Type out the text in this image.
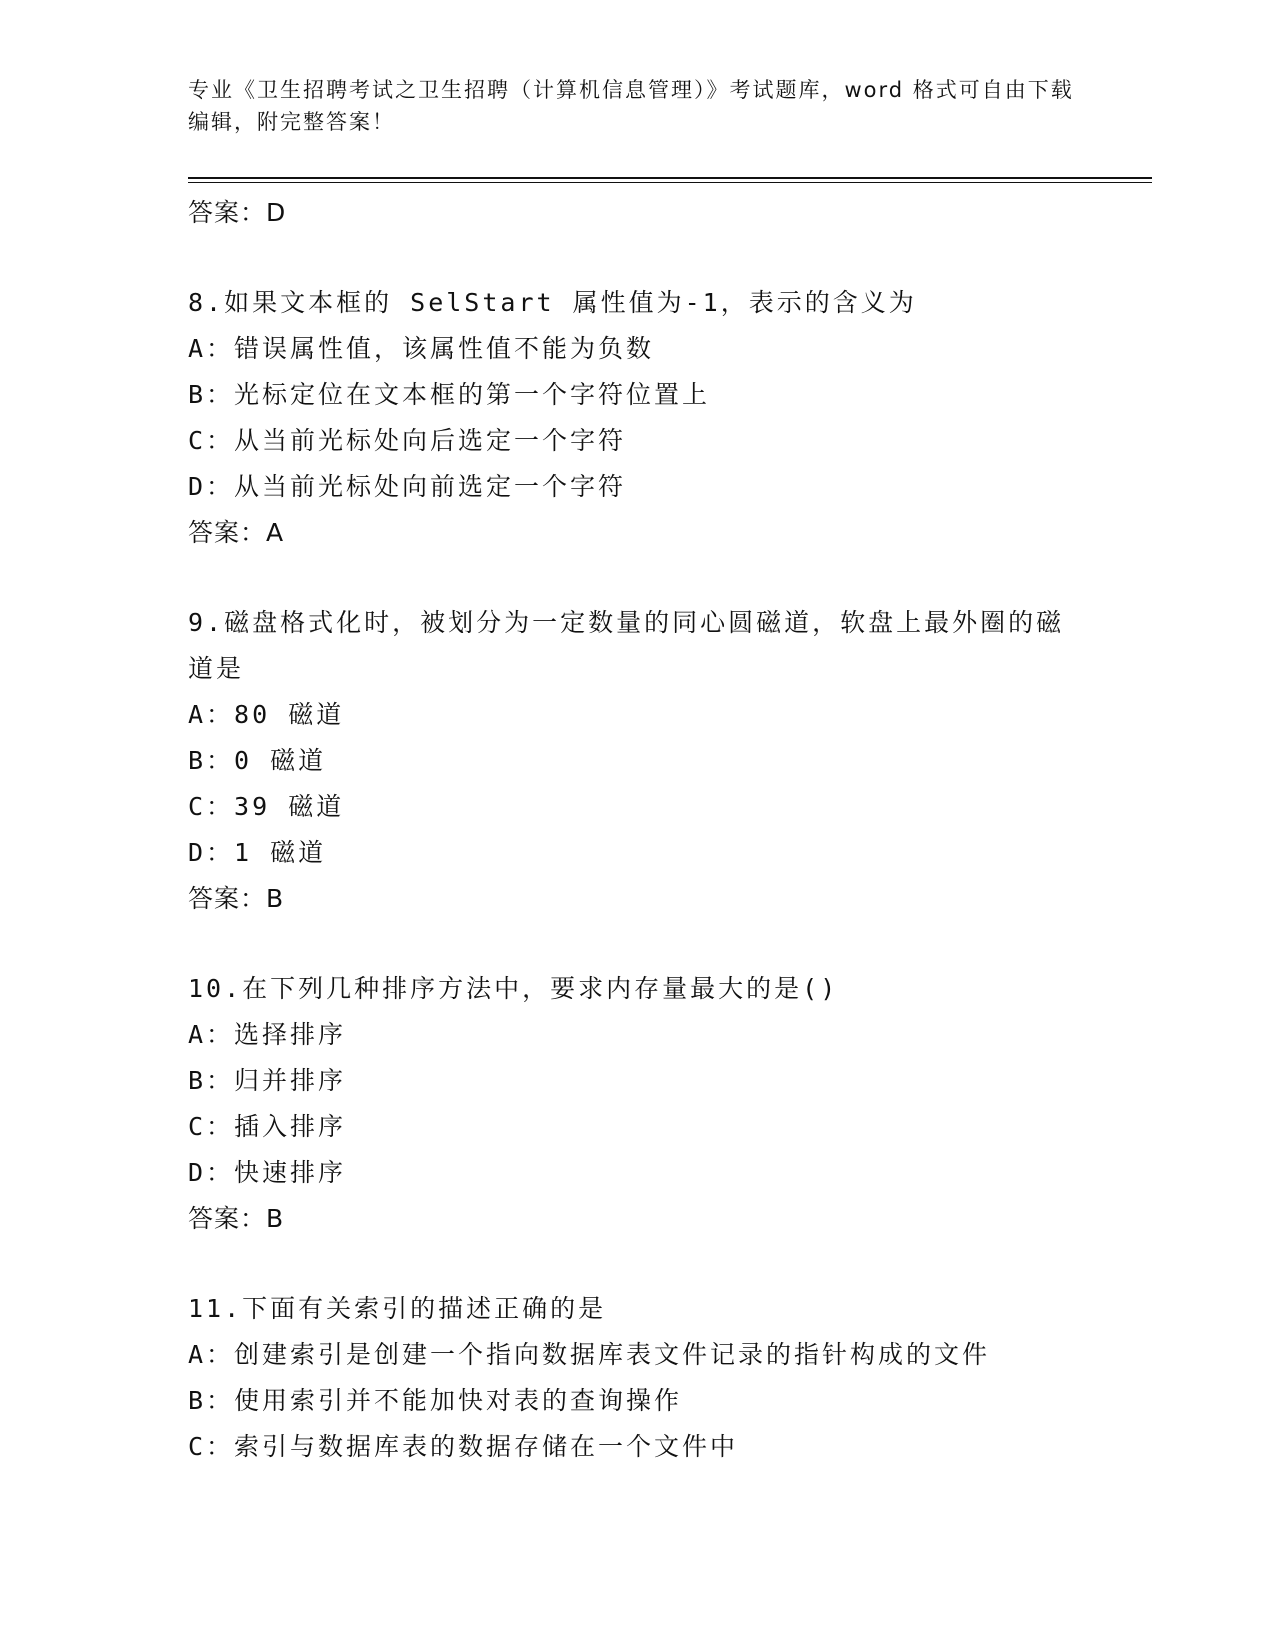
专业《卫生招聘考试之卫生招聘（计算机信息管理）》考试题库，word 格式可自由下载编辑，附完整答案！
答案：D
8.如果文本框的 SelStart 属性值为-1，表示的含义为
A：错误属性值，该属性值不能为负数
B：光标定位在文本框的第一个字符位置上
C：从当前光标处向后选定一个字符
D：从当前光标处向前选定一个字符
答案：A
9.磁盘格式化时，被划分为一定数量的同心圆磁道，软盘上最外圈的磁道是
A：80 磁道
B：0 磁道
C：39 磁道
D：1 磁道
答案：B
10.在下列几种排序方法中，要求内存量最大的是()
A：选择排序
B：归并排序
C：插入排序
D：快速排序
答案：B
11.下面有关索引的描述正确的是
A：创建索引是创建一个指向数据库表文件记录的指针构成的文件
B：使用索引并不能加快对表的查询操作
C：索引与数据库表的数据存储在一个文件中
